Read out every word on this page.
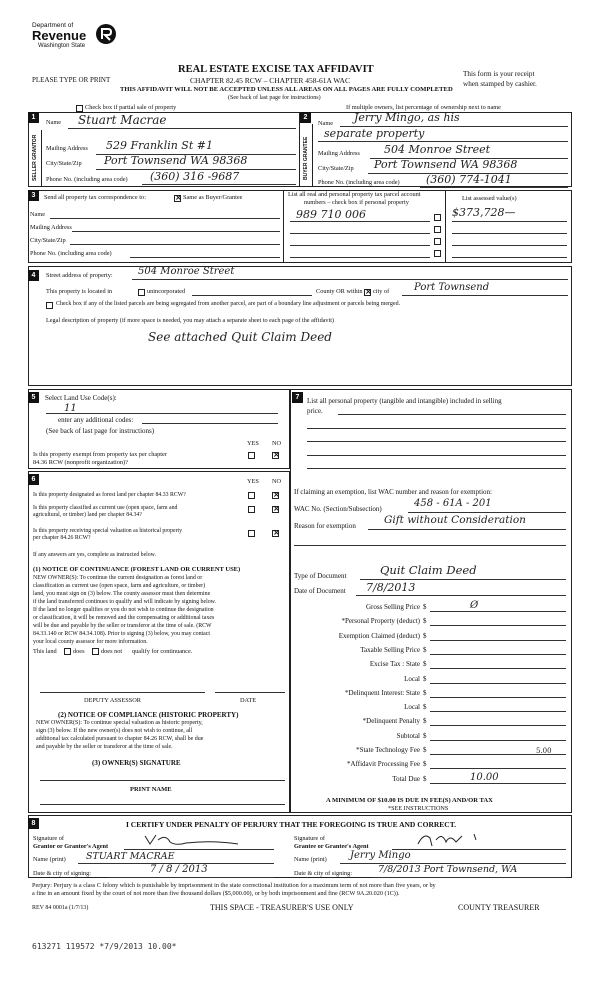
Department of
Revenue
Washington State
PLEASE TYPE OR PRINT
REAL ESTATE EXCISE TAX AFFIDAVIT
CHAPTER 82.45 RCW – CHAPTER 458-61A WAC
THIS AFFIDAVIT WILL NOT BE ACCEPTED UNLESS ALL AREAS ON ALL PAGES ARE FULLY COMPLETED
(See back of last page for instructions)
This form is your receipt
when stamped by cashier.
Check box if partial sale of property	If multiple owners, list percentage of ownership next to name
1	2
SELLER GRANTOR
Name Stuart Macrae
Mailing Address 529 Franklin St #1
City/State/Zip Port Townsend WA 98368
Phone No. (including area code) (360) 316 -9687	BUYER GRANTEE
Name Jerry Mingo, as his
separate property
Mailing Address 504 Monroe Street
City/State/Zip Port Townsend WA 98368
Phone No. (including area code) (360) 774-1041
3	Send all property tax correspondence to: ×	Same as Buyer/Grantee
Name
Mailing Address
City/State/Zip
Phone No. (including area code)
List all real and personal property tax parcel account
numbers – check box if personal property
List assessed value(s)
989 710 006	$373,728—
4	Street address of property:	504 Monroe Street
This property is located in	unincorporated	County OR within × city of Port Townsend
Check box if any of the listed parcels are being segregated from another parcel, are part of a boundary line adjustment or parcels being merged.
Legal description of property (if more space is needed, you may attach a separate sheet to each page of the affidavit)
See attached Quit Claim Deed
5	Select Land Use Code(s):
11
enter any additional codes:
(See back of last page for instructions)
YES NO
Is this property exempt from property tax per chapter
84.36 RCW (nonprofit organization)?
×
6	YES NO
Is this property designated as forest land per chapter 84.33 RCW?
×
Is this property classified as current use (open space, farm and
agricultural, or timber) land per chapter 84.34?
×
Is this property receiving special valuation as historical property
per chapter 84.26 RCW?
×
If any answers are yes, complete as instructed below.
(1) NOTICE OF CONTINUANCE (FOREST LAND OR CURRENT USE)
NEW OWNER(S): To continue the current designation as forest land or
classification as current use (open space, farm and agriculture, or timber)
land, you must sign on (3) below. The county assessor must then determine
if the land transferred continues to qualify and will indicate by signing below.
If the land no longer qualifies or you do not wish to continue the designation
or classification, it will be removed and the compensating or additional taxes
will be due and payable by the seller or transferor at the time of sale. (RCW
84.33.140 or RCW 84.34.108). Prior to signing (3) below, you may contact
your local county assessor for more information.
This land	does	does not qualify for continuance.
DEPUTY ASSESSOR	DATE
(2) NOTICE OF COMPLIANCE (HISTORIC PROPERTY)
NEW OWNER(S): To continue special valuation as historic property,
sign (3) below. If the new owner(s) does not wish to continue, all
additional tax calculated pursuant to chapter 84.26 RCW, shall be due
and payable by the seller or transferor at the time of sale.
(3) OWNER(S) SIGNATURE
PRINT NAME
7	List all personal property (tangible and intangible) included in selling
price.
If claiming an exemption, list WAC number and reason for exemption:
WAC No. (Section/Subsection)	458 - 61A - 201
Reason for exemption	Gift without Consideration
Type of Document	Quit Claim Deed
Date of Document 7/8/2013
Gross Selling Price $	Ø
*Personal Property (deduct) $
Exemption Claimed (deduct) $
Taxable Selling Price $
Excise Tax : State $
Local $
*Delinquent Interest: State $
Local $
*Delinquent Penalty $
Subtotal $
*State Technology Fee $	5.00
*Affidavit Processing Fee $
Total Due $	10.00
A MINIMUM OF $10.00 IS DUE IN FEE(S) AND/OR TAX
*SEE INSTRUCTIONS
8	I CERTIFY UNDER PENALTY OF PERJURY THAT THE FOREGOING IS TRUE AND CORRECT.
Signature of
Grantor or Grantor's Agent
Name (print) STUART MACRAE
Date & city of signing:	7 / 8 / 2013
Signature of
Grantee or Grantee's Agent
Name (print) Jerry Mingo
Date & city of signing:	7/8/2013 Port Townsend, WA
Perjury: Perjury is a class C felony which is punishable by imprisonment in the state correctional institution for a maximum term of not more than five years, or by
a fine in an amount fixed by the court of not more than five thousand dollars ($5,000.00), or by both imprisonment and fine (RCW 9A.20.020 (1C)).
REV 84 0001a (1/7/13)	THIS SPACE - TREASURER'S USE ONLY	COUNTY TREASURER
613271 119572 *7/9/2013 10.00*
